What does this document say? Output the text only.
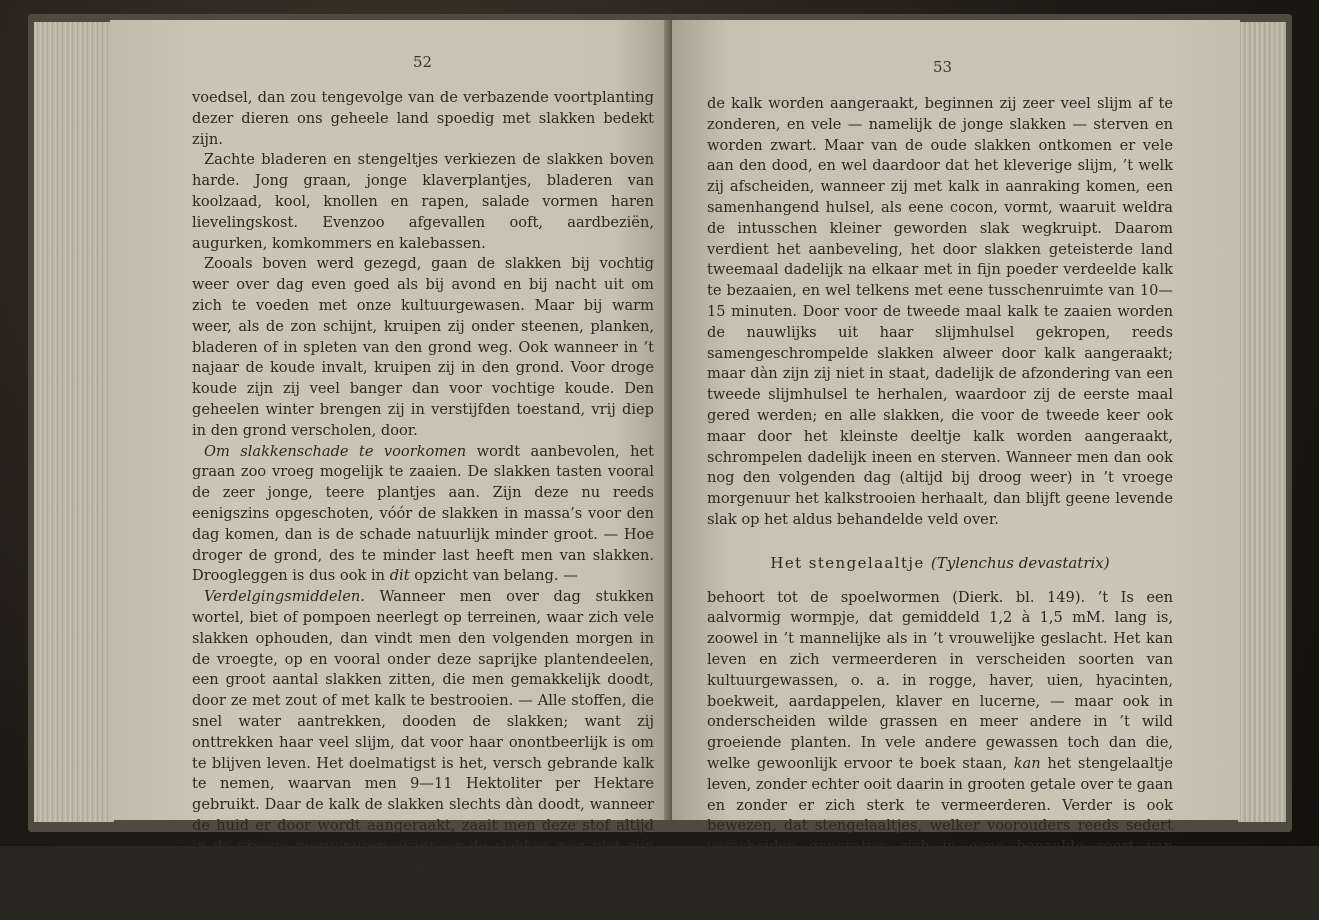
52

voedsel, dan zou tengevolge van de verbazende voortplanting dezer dieren ons geheele land spoedig met slakken bedekt zijn.

Zachte bladeren en stengeltjes verkiezen de slakken boven harde. Jong graan, jonge klaverplantjes, bladeren van koolzaad, kool, knollen en rapen, salade vormen haren lievelingskost. Evenzoo afgevallen ooft, aardbeziën, augurken, komkommers en kalebassen.

Zooals boven werd gezegd, gaan de slakken bij vochtig weer over dag even goed als bij avond en bij nacht uit om zich te voeden met onze kultuurgewasen. Maar bij warm weer, als de zon schijnt, kruipen zij onder steenen, planken, bladeren of in spleten van den grond weg. Ook wanneer in ’t najaar de koude invalt, kruipen zij in den grond. Voor droge koude zijn zij veel banger dan voor vochtige koude. Den geheelen winter brengen zij in verstijfden toestand, vrij diep in den grond verscholen, door.

Om slakkenschade te voorkomen wordt aanbevolen, het graan zoo vroeg mogelijk te zaaien. De slakken tasten vooral de zeer jonge, teere plantjes aan. Zijn deze nu reeds eenigszins opgeschoten, vóór de slakken in massa’s voor den dag komen, dan is de schade natuurlijk minder groot. — Hoe droger de grond, des te minder last heeft men van slakken. Droogleggen is dus ook in dit opzicht van belang. —

Verdelgingsmiddelen. Wanneer men over dag stukken wortel, biet of pompoen neerlegt op terreinen, waar zich vele slakken ophouden, dan vindt men den volgenden morgen in de vroegte, op en vooral onder deze saprijke plantendeelen, een groot aantal slakken zitten, die men gemakkelijk doodt, door ze met zout of met kalk te bestrooien. — Alle stoffen, die snel water aantrekken, dooden de slakken; want zij onttrekken haar veel slijm, dat voor haar onontbeerlijk is om te blijven leven. Het doelmatigst is het, versch gebrande kalk te nemen, waarvan men 9—11 Hektoliter per Hektare gebruikt. Daar de kalk de slakken slechts dàn doodt, wanneer de huid er door wordt aangeraakt, zaait men deze stof altijd in de vroege morgenuren, wanneer de slakken nog niet zijn weggekropen, niet later dan 8 uur in den morgen, en natuurlijk niet anders dan bij droog weer. Zoodra de slakken door

53

de kalk worden aangeraakt, beginnen zij zeer veel slijm af te zonderen, en vele — namelijk de jonge slakken — sterven en worden zwart. Maar van de oude slakken ontkomen er vele aan den dood, en wel daardoor dat het kleverige slijm, ’t welk zij afscheiden, wanneer zij met kalk in aanraking komen, een samenhangend hulsel, als eene cocon, vormt, waaruit weldra de intusschen kleiner geworden slak wegkruipt. Daarom verdient het aanbeveling, het door slakken geteisterde land tweemaal dadelijk na elkaar met in fijn poeder verdeelde kalk te bezaaien, en wel telkens met eene tusschenruimte van 10—15 minuten. Door voor de tweede maal kalk te zaaien worden de nauwlijks uit haar slijmhulsel gekropen, reeds samengeschrompelde slakken alweer door kalk aangeraakt; maar dàn zijn zij niet in staat, dadelijk de afzondering van een tweede slijmhulsel te herhalen, waardoor zij de eerste maal gered werden; en alle slakken, die voor de tweede keer ook maar door het kleinste deeltje kalk worden aangeraakt, schrompelen dadelijk ineen en sterven. Wanneer men dan ook nog den volgenden dag (altijd bij droog weer) in ’t vroege morgenuur het kalkstrooien herhaalt, dan blijft geene levende slak op het aldus behandelde veld over.

Het stengelaaltje (Tylenchus devastatrix)

behoort tot de spoelwormen (Dierk. bl. 149). ’t Is een aalvormig wormpje, dat gemiddeld 1,2 à 1,5 mM. lang is, zoowel in ’t mannelijke als in ’t vrouwelijke geslacht. Het kan leven en zich vermeerderen in verscheiden soorten van kultuurgewassen, o. a. in rogge, haver, uien, hyacinten, boekweit, aardappelen, klaver en lucerne, — maar ook in onderscheiden wilde grassen en meer andere in ’t wild groeiende planten. In vele andere gewassen toch dan die, welke gewoonlijk ervoor te boek staan, kan het stengelaaltje leven, zonder echter ooit daarin in grooten getale over te gaan en zonder er zich sterk te vermeerderen. Verder is ook bewezen, dat stengelaaltjes, welker voorouders reeds sedert verscheiden generaties zich in eene bepaalde soort van planten
